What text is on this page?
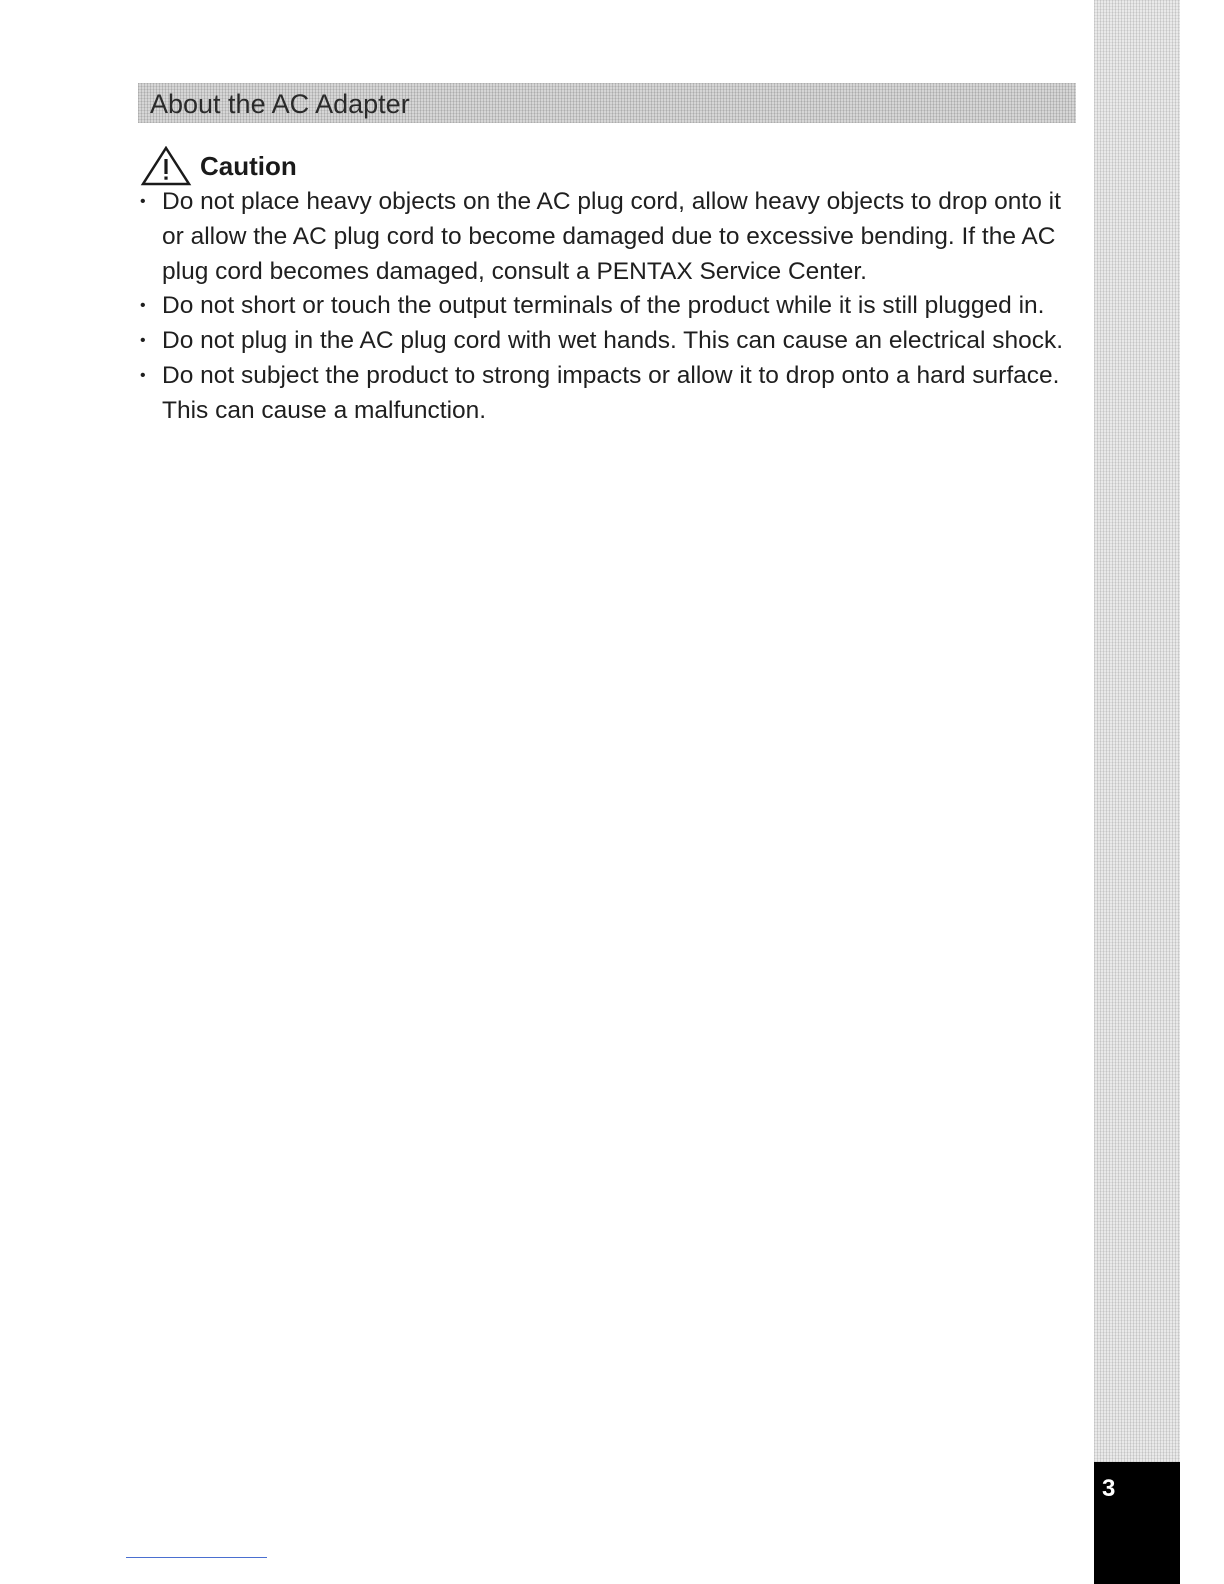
3
About the AC Adapter
Caution
• Do not place heavy objects on the AC plug cord, allow heavy objects to drop onto it or allow the AC plug cord to become damaged due to excessive bending. If the AC plug cord becomes damaged, consult a PENTAX Service Center.
• Do not short or touch the output terminals of the product while it is still plugged in.
• Do not plug in the AC plug cord with wet hands. This can cause an electrical shock.
• Do not subject the product to strong impacts or allow it to drop onto a hard surface. This can cause a malfunction.
